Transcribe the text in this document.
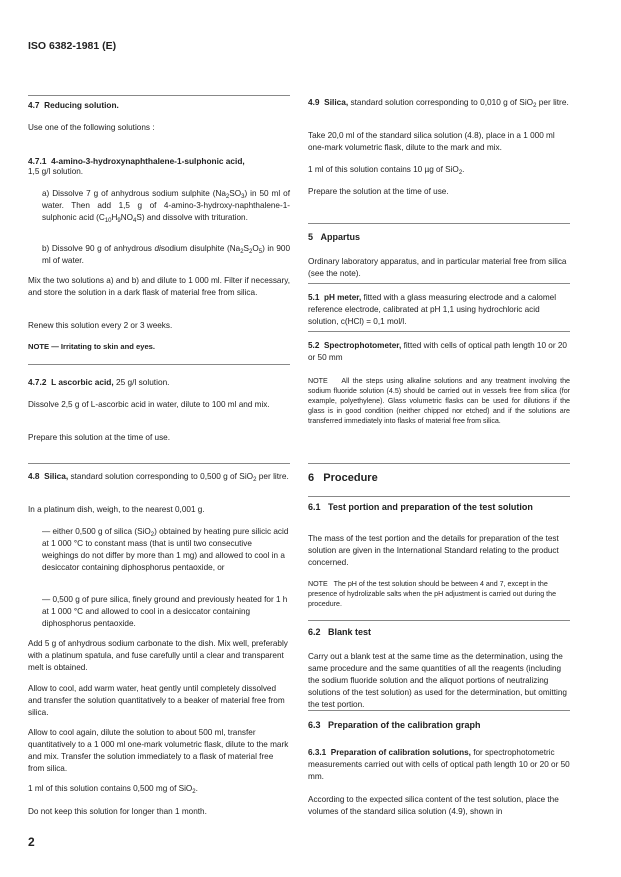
ISO 6382-1981 (E)
4.7 Reducing solution.
Use one of the following solutions :
4.7.1 4-amino-3-hydroxynaphthalene-1-sulphonic acid,
1,5 g/l solution.
a) Dissolve 7 g of anhydrous sodium sulphite $(Na_2SO_3)$ in 50 ml of water. Then add 1,5 g of 4-amino-3-hydroxy-naphthalene-1-sulphonic acid $(C_{10}H_9NO_4S)$ and dissolve with trituration.
b) Dissolve 90 g of anhydrous disodium disulphite $(Na_2S_2O_5)$ in 900 ml of water.
Mix the two solutions a) and b) and dilute to 1 000 ml. Filter if necessary, and store the solution in a dark flask of material free from silica.
Renew this solution every 2 or 3 weeks.
NOTE — Irritating to skin and eyes.
4.7.2 L ascorbic acid, 25 g/l solution.
Dissolve 2,5 g of L-ascorbic acid in water, dilute to 100 ml and mix.
Prepare this solution at the time of use.
4.8 Silica, standard solution corresponding to 0,500 g of SiO$_2$ per litre.
In a platinum dish, weigh, to the nearest 0,001 g.
— either 0,500 g of silica (SiO$_2$) obtained by heating pure silicic acid at 1 000 °C to constant mass (that is until two consecutive weighings do not differ by more than 1 mg) and allowed to cool in a desiccator containing diphosphorus pentaoxide, or
— 0,500 g of pure silica, finely ground and previously heated for 1 h at 1 000 °C and allowed to cool in a desiccator containing diphosphorus pentaoxide.
Add 5 g of anhydrous sodium carbonate to the dish. Mix well, preferably with a platinum spatula, and fuse carefully until a clear and transparent melt is obtained.
Allow to cool, add warm water, heat gently until completely dissolved and transfer the solution quantitatively to a beaker of material free from silica.
Allow to cool again, dilute the solution to about 500 ml, transfer quantitatively to a 1 000 ml one-mark volumetric flask, dilute to the mark and mix. Transfer the solution immediately to a flask of material free from silica.
1 ml of this solution contains 0,500 mg of SiO$_2$.
Do not keep this solution for longer than 1 month.
4.9 Silica, standard solution corresponding to 0,010 g of SiO$_2$ per litre.
Take 20,0 ml of the standard silica solution (4.8), place in a 1 000 ml one-mark volumetric flask, dilute to the mark and mix.
1 ml of this solution contains 10 µg of SiO$_2$.
Prepare the solution at the time of use.
5 Appartus
Ordinary laboratory apparatus, and in particular material free from silica (see the note).
5.1 pH meter, fitted with a glass measuring electrode and a calomel reference electrode, calibrated at pH 1,1 using hydrochloric acid solution, c(HCl) = 0,1 mol/l.
5.2 Spectrophotometer, fitted with cells of optical path length 10 or 20 or 50 mm
NOTE All the steps using alkaline solutions and any treatment involving the sodium fluoride solution (4.5) should be carried out in vessels free from silica (for example, polyethylene). Glass volumetric flasks can be used for dilutions if the glass is in good condition (neither chipped nor etched) and if the solutions are transferred immediately into flasks of material free from silica.
6 Procedure
6.1 Test portion and preparation of the test solution
The mass of the test portion and the details for preparation of the test solution are given in the International Standard relating to the product concerned.
NOTE The pH of the test solution should be between 4 and 7, except in the presence of hydrolizable salts when the pH adjustment is carried out during the procedure.
6.2 Blank test
Carry out a blank test at the same time as the determination, using the same procedure and the same quantities of all the reagents (including the sodium fluoride solution and the aliquot portions of neutralizing solutions of the test solution) as used for the determination, but omitting the test portion.
6.3 Preparation of the calibration graph
6.3.1 Preparation of calibration solutions, for spectrophotometric measurements carried out with cells of optical path length 10 or 20 or 50 mm.
According to the expected silica content of the test solution, place the volumes of the standard silica solution (4.9), shown in
2
